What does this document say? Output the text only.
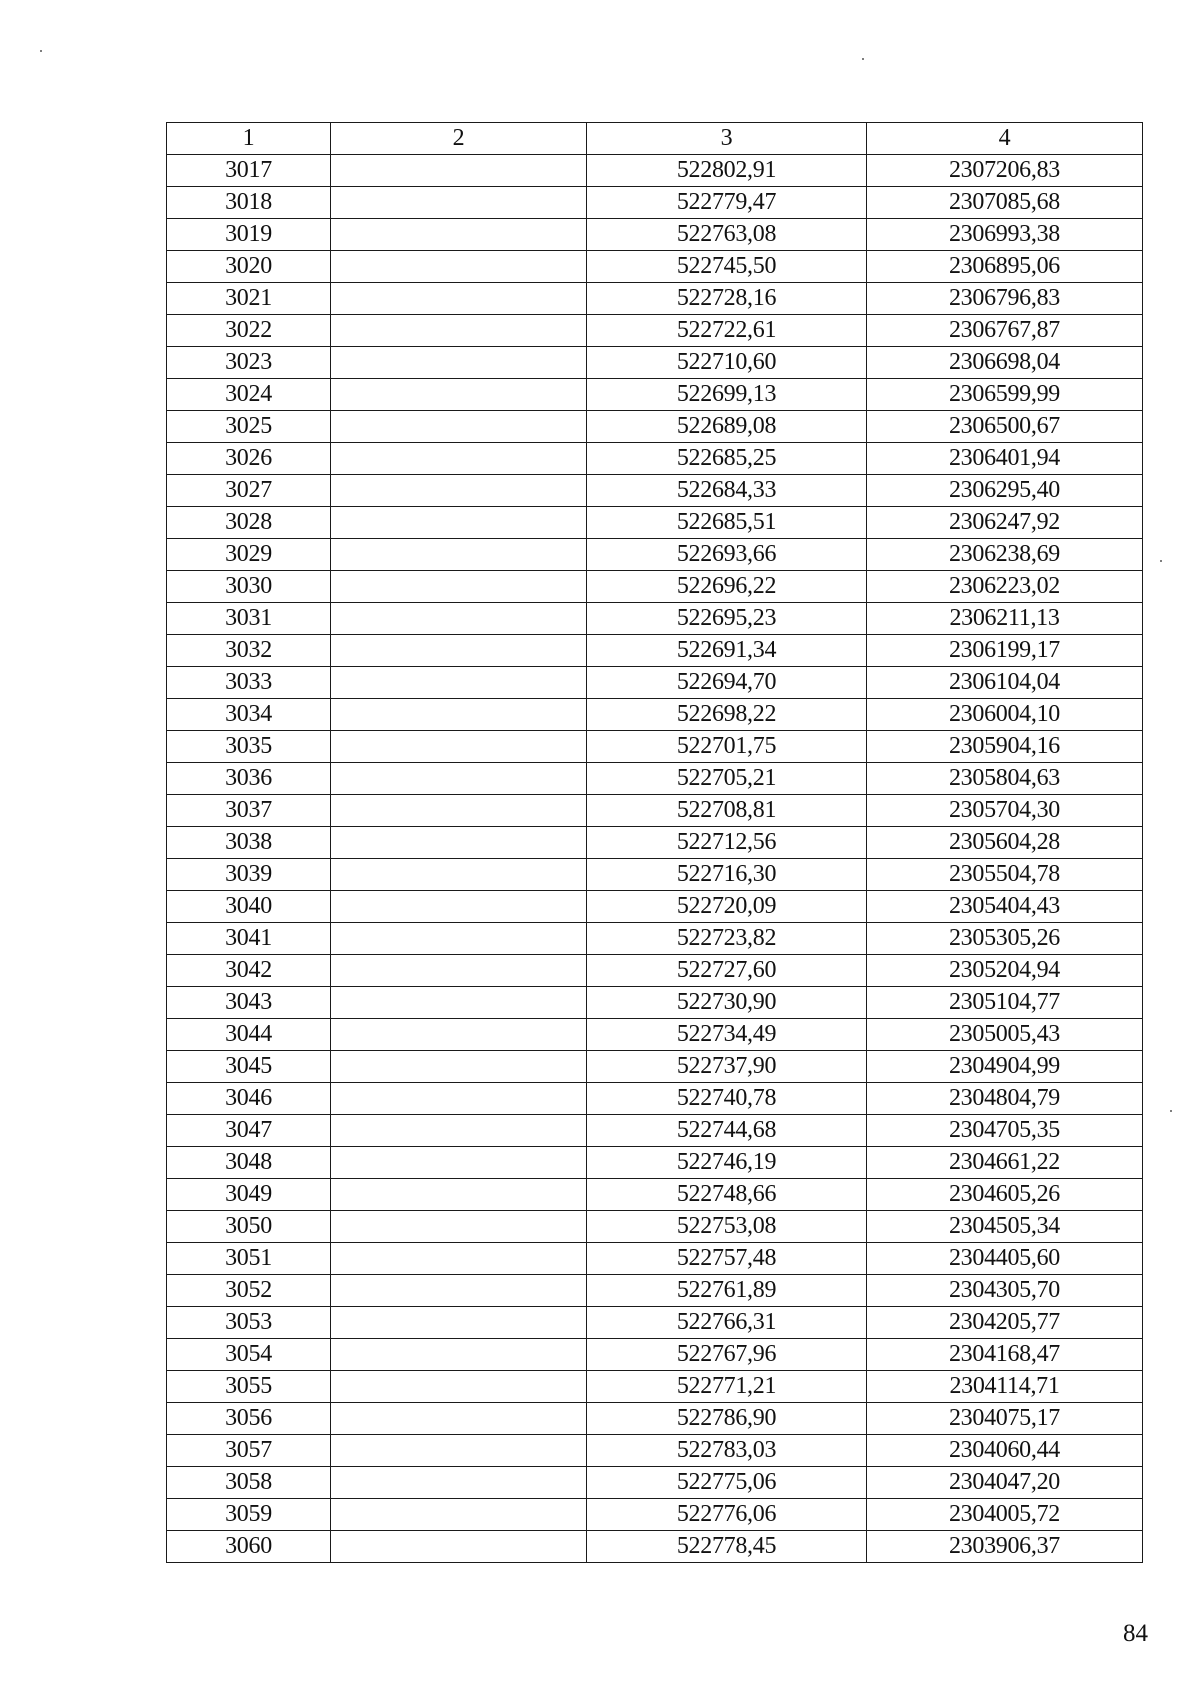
1	2	3	4
3017		522802,91	2307206,83
3018		522779,47	2307085,68
3019		522763,08	2306993,38
3020		522745,50	2306895,06
3021		522728,16	2306796,83
3022		522722,61	2306767,87
3023		522710,60	2306698,04
3024		522699,13	2306599,99
3025		522689,08	2306500,67
3026		522685,25	2306401,94
3027		522684,33	2306295,40
3028		522685,51	2306247,92
3029		522693,66	2306238,69
3030		522696,22	2306223,02
3031		522695,23	2306211,13
3032		522691,34	2306199,17
3033		522694,70	2306104,04
3034		522698,22	2306004,10
3035		522701,75	2305904,16
3036		522705,21	2305804,63
3037		522708,81	2305704,30
3038		522712,56	2305604,28
3039		522716,30	2305504,78
3040		522720,09	2305404,43
3041		522723,82	2305305,26
3042		522727,60	2305204,94
3043		522730,90	2305104,77
3044		522734,49	2305005,43
3045		522737,90	2304904,99
3046		522740,78	2304804,79
3047		522744,68	2304705,35
3048		522746,19	2304661,22
3049		522748,66	2304605,26
3050		522753,08	2304505,34
3051		522757,48	2304405,60
3052		522761,89	2304305,70
3053		522766,31	2304205,77
3054		522767,96	2304168,47
3055		522771,21	2304114,71
3056		522786,90	2304075,17
3057		522783,03	2304060,44
3058		522775,06	2304047,20
3059		522776,06	2304005,72
3060		522778,45	2303906,37
84
